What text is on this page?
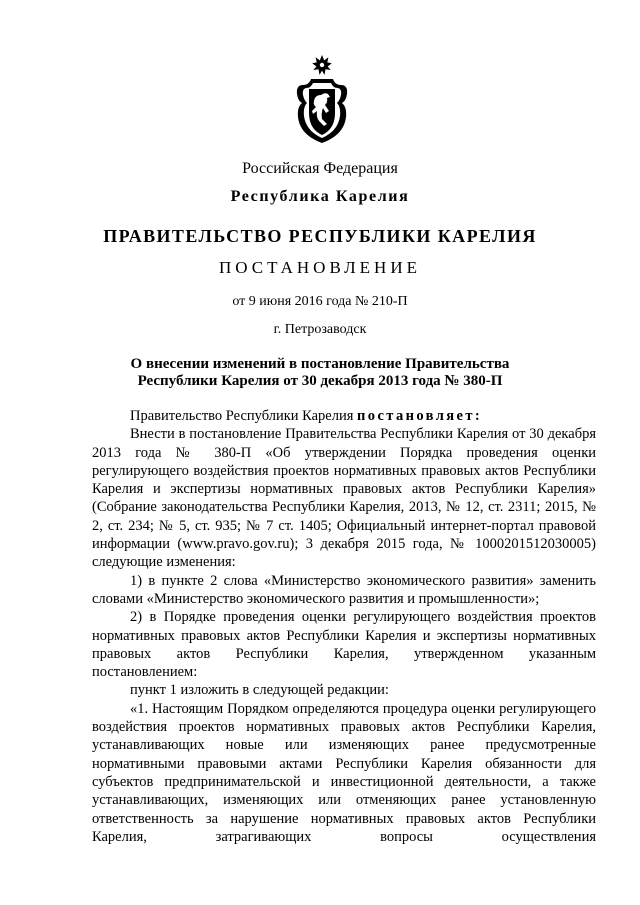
Российская Федерация
Республика Карелия
ПРАВИТЕЛЬСТВО РЕСПУБЛИКИ КАРЕЛИЯ
ПОСТАНОВЛЕНИЕ
от 9 июня 2016 года № 210-П
г. Петрозаводск
О внесении изменений в постановление Правительства
Республики Карелия от 30 декабря 2013 года № 380-П

Правительство Республики Карелия постановляет:

Внести в постановление Правительства Республики Карелия от 30 декабря 2013 года № 380-П «Об утверждении Порядка проведения оценки регулирующего воздействия проектов нормативных правовых актов Республики Карелия и экспертизы нормативных правовых актов Республики Карелия» (Собрание законодательства Республики Карелия, 2013, № 12, ст. 2311; 2015, № 2, ст. 234; № 5, ст. 935; № 7 ст. 1405; Официальный интернет-портал правовой информации (www.pravo.gov.ru); 3 декабря 2015 года, № 1000201512030005) следующие изменения:

1) в пункте 2 слова «Министерство экономического развития» заменить словами «Министерство экономического развития и промышленности»;

2) в Порядке проведения оценки регулирующего воздействия проектов нормативных правовых актов Республики Карелия и экспертизы нормативных правовых актов Республики Карелия, утвержденном указанным постановлением:

пункт 1 изложить в следующей редакции:

«1. Настоящим Порядком определяются процедура оценки регулирующего воздействия проектов нормативных правовых актов Республики Карелия, устанавливающих новые или изменяющих ранее предусмотренные нормативными правовыми актами Республики Карелия обязанности для субъектов предпринимательской и инвестиционной деятельности, а также устанавливающих, изменяющих или отменяющих ранее установленную ответственность за нарушение нормативных правовых актов Республики Карелия, затрагивающих вопросы осуществления
